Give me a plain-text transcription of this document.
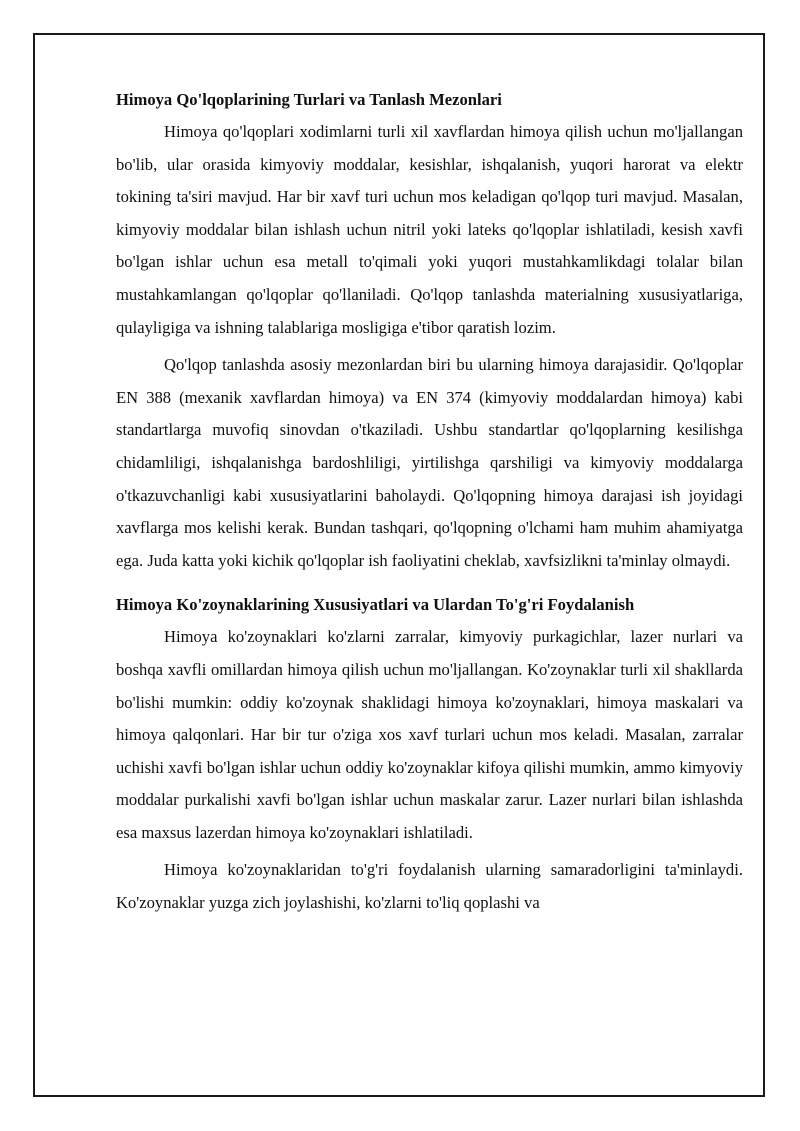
Himoya Qo'lqoplarining Turlari va Tanlash Mezonlari

Himoya qo'lqoplari xodimlarni turli xil xavflardan himoya qilish uchun mo'ljallangan bo'lib, ular orasida kimyoviy moddalar, kesishlar, ishqalanish, yuqori harorat va elektr tokining ta'siri mavjud. Har bir xavf turi uchun mos keladigan qo'lqop turi mavjud. Masalan, kimyoviy moddalar bilan ishlash uchun nitril yoki lateks qo'lqoplar ishlatiladi, kesish xavfi bo'lgan ishlar uchun esa metall to'qimali yoki yuqori mustahkamlikdagi tolalar bilan mustahkamlangan qo'lqoplar qo'llaniladi. Qo'lqop tanlashda materialning xususiyatlariga, qulayligiga va ishning talablariga mosligiga e'tibor qaratish lozim.

Qo'lqop tanlashda asosiy mezonlardan biri bu ularning himoya darajasidir. Qo'lqoplar EN 388 (mexanik xavflardan himoya) va EN 374 (kimyoviy moddalardan himoya) kabi standartlarga muvofiq sinovdan o'tkaziladi. Ushbu standartlar qo'lqoplarning kesilishga chidamliligi, ishqalanishga bardoshliligi, yirtilishga qarshiligi va kimyoviy moddalarga o'tkazuvchanligi kabi xususiyatlarini baholaydi. Qo'lqopning himoya darajasi ish joyidagi xavflarga mos kelishi kerak. Bundan tashqari, qo'lqopning o'lchami ham muhim ahamiyatga ega. Juda katta yoki kichik qo'lqoplar ish faoliyatini cheklab, xavfsizlikni ta'minlay olmaydi.

Himoya Ko'zoynaklarining Xususiyatlari va Ulardan To'g'ri Foydalanish

Himoya ko'zoynaklari ko'zlarni zarralar, kimyoviy purkagichlar, lazer nurlari va boshqa xavfli omillardan himoya qilish uchun mo'ljallangan. Ko'zoynaklar turli xil shakllarda bo'lishi mumkin: oddiy ko'zoynak shaklidagi himoya ko'zoynaklari, himoya maskalari va himoya qalqonlari. Har bir tur o'ziga xos xavf turlari uchun mos keladi. Masalan, zarralar uchishi xavfi bo'lgan ishlar uchun oddiy ko'zoynaklar kifoya qilishi mumkin, ammo kimyoviy moddalar purkalishi xavfi bo'lgan ishlar uchun maskalar zarur. Lazer nurlari bilan ishlashda esa maxsus lazerdan himoya ko'zoynaklari ishlatiladi.

Himoya ko'zoynaklaridan to'g'ri foydalanish ularning samaradorligini ta'minlaydi. Ko'zoynaklar yuzga zich joylashishi, ko'zlarni to'liq qoplashi va
